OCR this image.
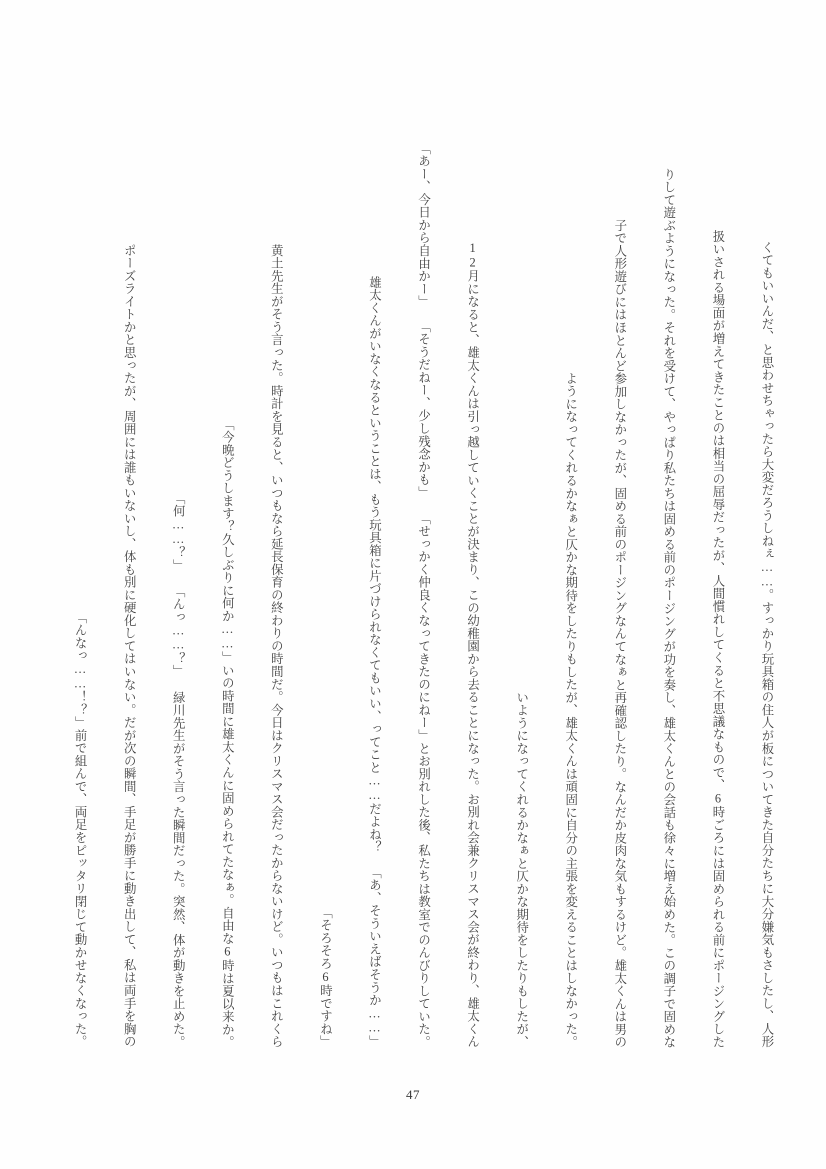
くてもいいんだ、と思わせちゃったら大変だろうしねぇ……。すっかり玩具箱の住人が板についてきた自分たちに大分嫌気もさしたし、人形

扱いされる場面が増えてきたことのは相当の屈辱だったが、人間慣れしてくると不思議なもので、6時ごろには固められる前にポージングした

りして遊ぶようになった。それを受けて、やっぱり私たちは固める前のポージングが功を奏し、雄太くんとの会話も徐々に増え始めた。この調子で固めな

子で人形遊びにはほとんど参加しなかったが、固める前のポージングなんてなぁと再確認したり。なんだか皮肉な気もするけど。雄太くんは男の

ようになってくれるかなぁと仄かな期待をしたりもしたが、雄太くんは頑固に自分の主張を変えることはしなかった。

いようになってくれるかなぁと仄かな期待をしたりもしたが、

12月になると、雄太くんは引っ越していくことが決まり、この幼稚園から去ることになった。お別れ会兼クリスマス会が終わり、雄太くん

とお別れした後、私たちは教室でのんびりしていた。

「せっかく仲良くなってきたのにねー」

「そうだねー、少し残念かも」

「あー、今日から自由かー」

「あ、そういえばそうか……」

雄太くんがいなくなるということは、もう玩具箱に片づけられなくてもいい、ってこと……だよね？

「そろそろ6時ですね」

黄土先生がそう言った。時計を見ると、いつもなら延長保育の終わりの時間だ。今日はクリスマス会だったからないけど。いつもはこれくら

いの時間に雄太くんに固められてたなぁ。自由な6時は夏以来か。

「今晩どうします？久しぶりに何か……」

緑川先生がそう言った瞬間だった。突然、体が動きを止めた。

「んっ……？」

「何……？」

ポーズライトかと思ったが、周囲には誰もいないし、体も別に硬化してはいない。だが次の瞬間、手足が勝手に動き出して、私は両手を胸の

前で組んで、両足をピッタリ閉じて動かせなくなった。

「んなっ……！？」

47
